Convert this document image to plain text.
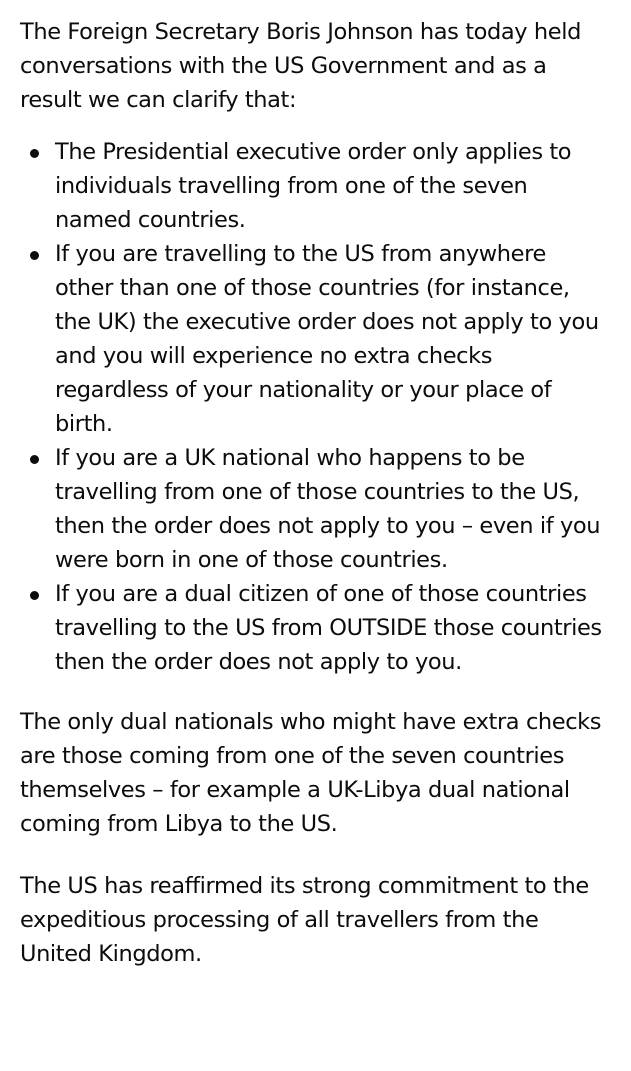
The Foreign Secretary Boris Johnson has today held conversations with the US Government and as a result we can clarify that:

The Presidential executive order only applies to individuals travelling from one of the seven named countries.
If you are travelling to the US from anywhere other than one of those countries (for instance, the UK) the executive order does not apply to you and you will experience no extra checks regardless of your nationality or your place of birth.
If you are a UK national who happens to be travelling from one of those countries to the US, then the order does not apply to you – even if you were born in one of those countries.
If you are a dual citizen of one of those countries travelling to the US from OUTSIDE those countries then the order does not apply to you.

The only dual nationals who might have extra checks are those coming from one of the seven countries themselves – for example a UK-Libya dual national coming from Libya to the US.

The US has reaffirmed its strong commitment to the expeditious processing of all travellers from the United Kingdom.
